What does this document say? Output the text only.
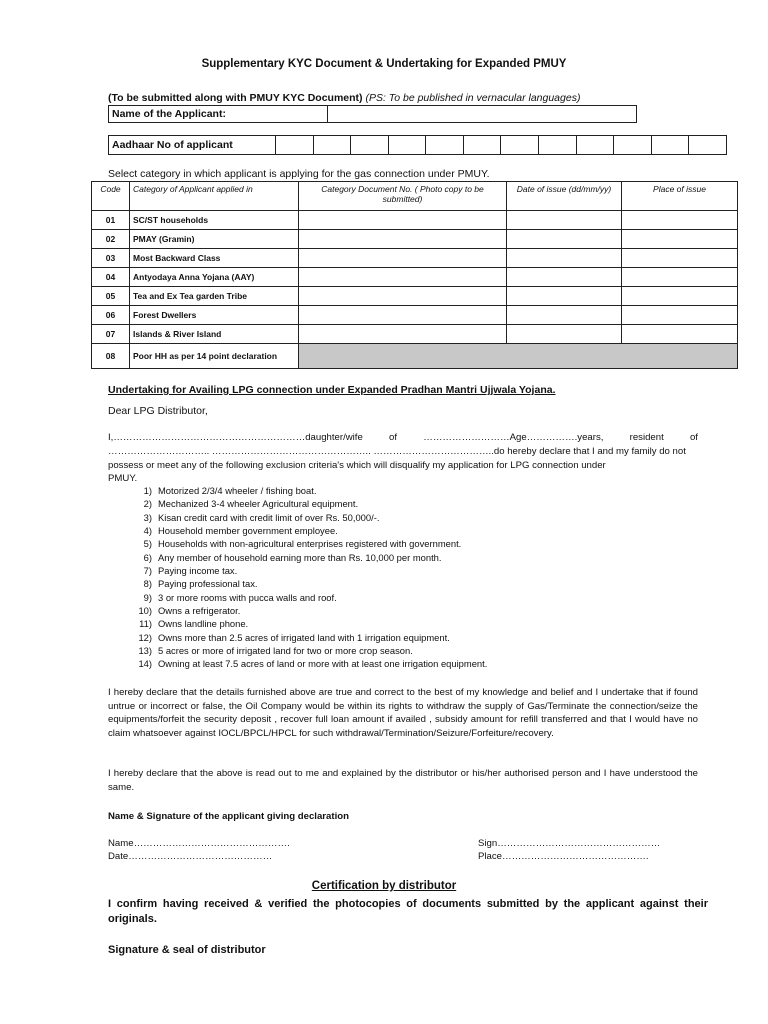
Supplementary KYC Document & Undertaking for Expanded PMUY
(To be submitted along with PMUY KYC Document) (PS: To be published in vernacular languages)
Name of the Applicant:	
Aadhaar No of applicant												
Select category in which applicant is applying for the gas connection under PMUY.
Code	Category of Applicant applied in	Category Document No. ( Photo copy to be submitted)	Date of issue (dd/mm/yy)	Place of issue
01	SC/ST households			
02	PMAY (Gramin)			
03	Most Backward Class			
04	Antyodaya Anna Yojana (AAY)			
05	Tea and Ex Tea garden Tribe			
06	Forest Dwellers			
07	Islands & River Island			
08	Poor HH as per 14 point declaration			
Undertaking for Availing LPG connection under Expanded Pradhan Mantri Ujjwala Yojana.
Dear LPG Distributor,
I,……………………………………………………daughter/wife	of	………………………Age…………….years,	resident	of
………………………….. ………………………………………….. ………………………………..do hereby declare that I and my family do not
possess or meet any of the following exclusion criteria's which will disqualify my application for LPG connection under
PMUY.
1) Motorized 2/3/4 wheeler / fishing boat.
2) Mechanized 3-4 wheeler Agricultural equipment.
3) Kisan credit card with credit limit of over Rs. 50,000/-.
4) Household member government employee.
5) Households with non-agricultural enterprises registered with government.
6) Any member of household earning more than Rs. 10,000 per month.
7) Paying income tax.
8) Paying professional tax.
9) 3 or more rooms with pucca walls and roof.
10) Owns a refrigerator.
11) Owns landline phone.
12) Owns more than 2.5 acres of irrigated land with 1 irrigation equipment.
13) 5 acres or more of irrigated land for two or more crop season.
14) Owning at least 7.5 acres of land or more with at least one irrigation equipment.
I hereby declare that the details furnished above are true and correct to the best of my knowledge and belief and I undertake that if found untrue or incorrect or false, the Oil Company would be within its rights to withdraw the supply of Gas/Terminate the connection/seize the equipments/forfeit the security deposit , recover full loan amount if availed , subsidy amount for refill transferred and that I would have no claim whatsoever against IOCL/BPCL/HPCL for such withdrawal/Termination/Seizure/Forfeiture/recovery.
I hereby declare that the above is read out to me and explained by the distributor or his/her authorised person and I have understood the same.
Name & Signature of the applicant giving declaration
Name………………………………………….
Date………………………………………
Sign……………………………………………
Place……………………………………….
Certification by distributor
I confirm having received & verified the photocopies of documents submitted by the applicant against their originals.
Signature & seal of distributor
